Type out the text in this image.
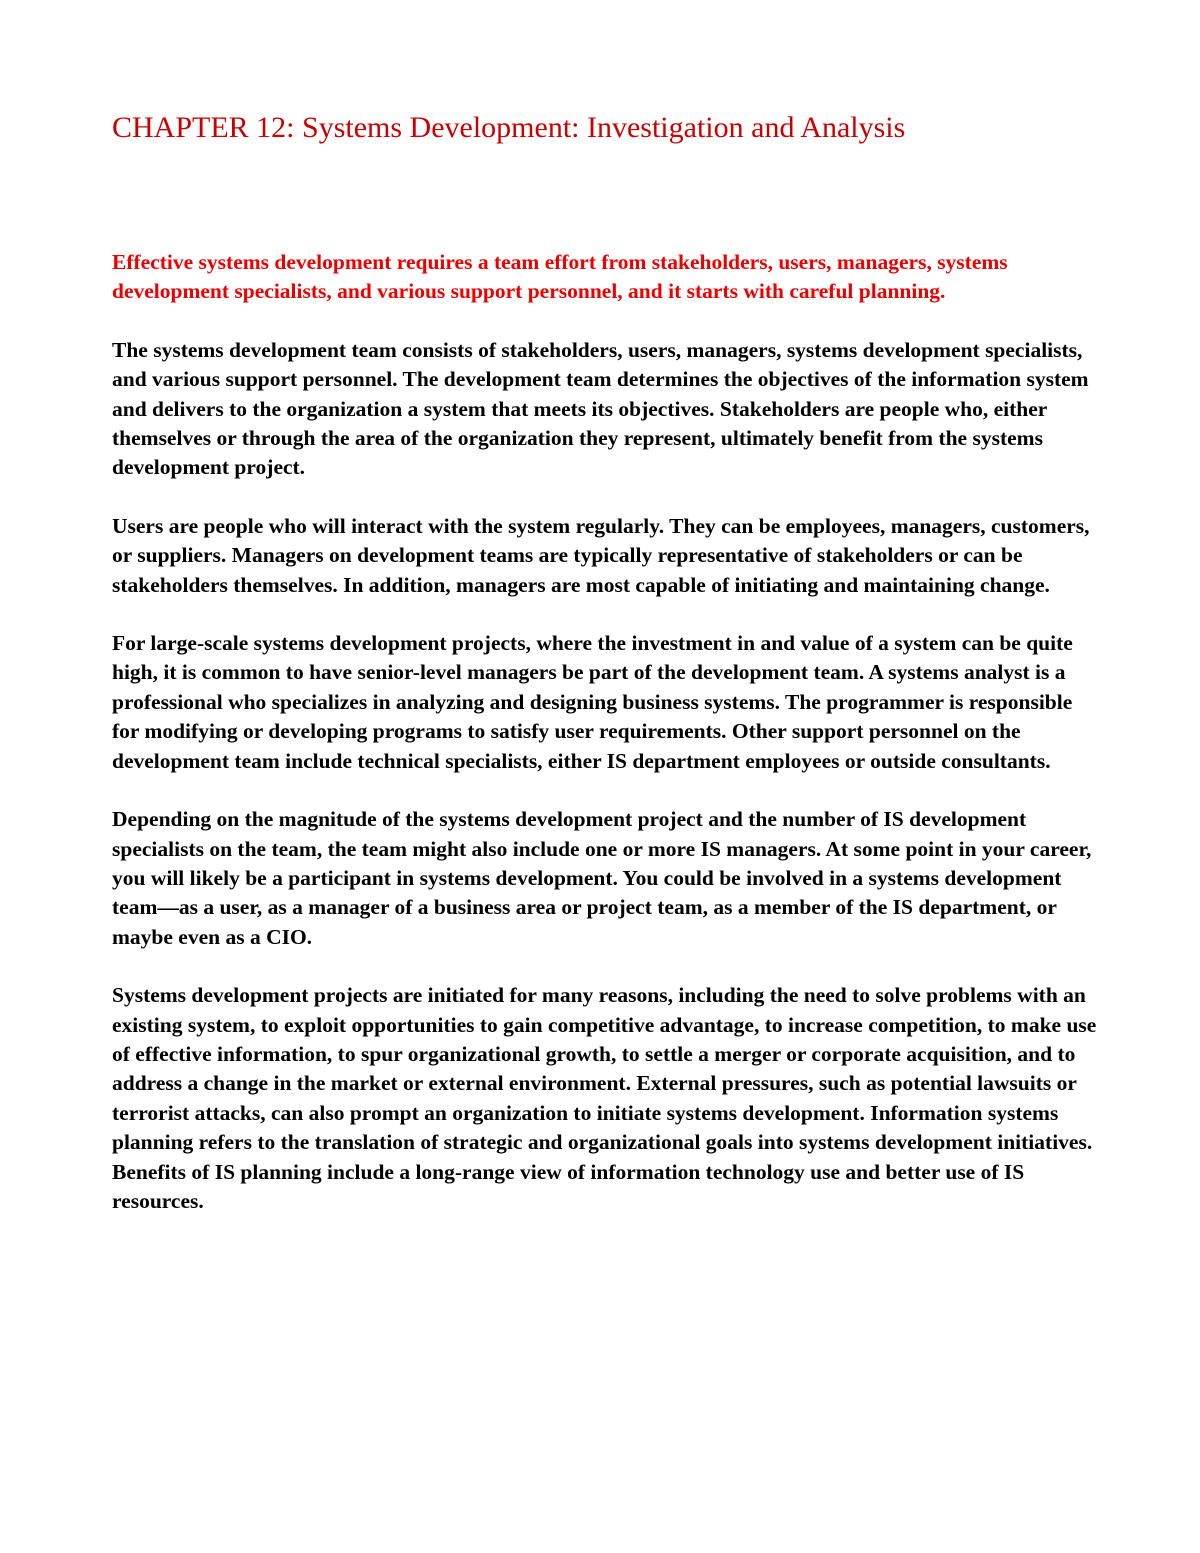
CHAPTER 12: Systems Development: Investigation and Analysis

Effective systems development requires a team effort from stakeholders, users, managers, systems development specialists, and various support personnel, and it starts with careful planning.

The systems development team consists of stakeholders, users, managers, systems development specialists, and various support personnel. The development team determines the objectives of the information system and delivers to the organization a system that meets its objectives. Stakeholders are people who, either themselves or through the area of the organization they represent, ultimately benefit from the systems development project.

Users are people who will interact with the system regularly. They can be employees, managers, customers, or suppliers. Managers on development teams are typically representative of stakeholders or can be stakeholders themselves. In addition, managers are most capable of initiating and maintaining change.

For large-scale systems development projects, where the investment in and value of a system can be quite high, it is common to have senior-level managers be part of the development team. A systems analyst is a professional who specializes in analyzing and designing business systems. The programmer is responsible for modifying or developing programs to satisfy user requirements. Other support personnel on the development team include technical specialists, either IS department employees or outside consultants.

Depending on the magnitude of the systems development project and the number of IS development specialists on the team, the team might also include one or more IS managers. At some point in your career, you will likely be a participant in systems development. You could be involved in a systems development team—as a user, as a manager of a business area or project team, as a member of the IS department, or maybe even as a CIO.

Systems development projects are initiated for many reasons, including the need to solve problems with an existing system, to exploit opportunities to gain competitive advantage, to increase competition, to make use of effective information, to spur organizational growth, to settle a merger or corporate acquisition, and to address a change in the market or external environment. External pressures, such as potential lawsuits or terrorist attacks, can also prompt an organization to initiate systems development. Information systems planning refers to the translation of strategic and organizational goals into systems development initiatives. Benefits of IS planning include a long-range view of information technology use and better use of IS resources.
